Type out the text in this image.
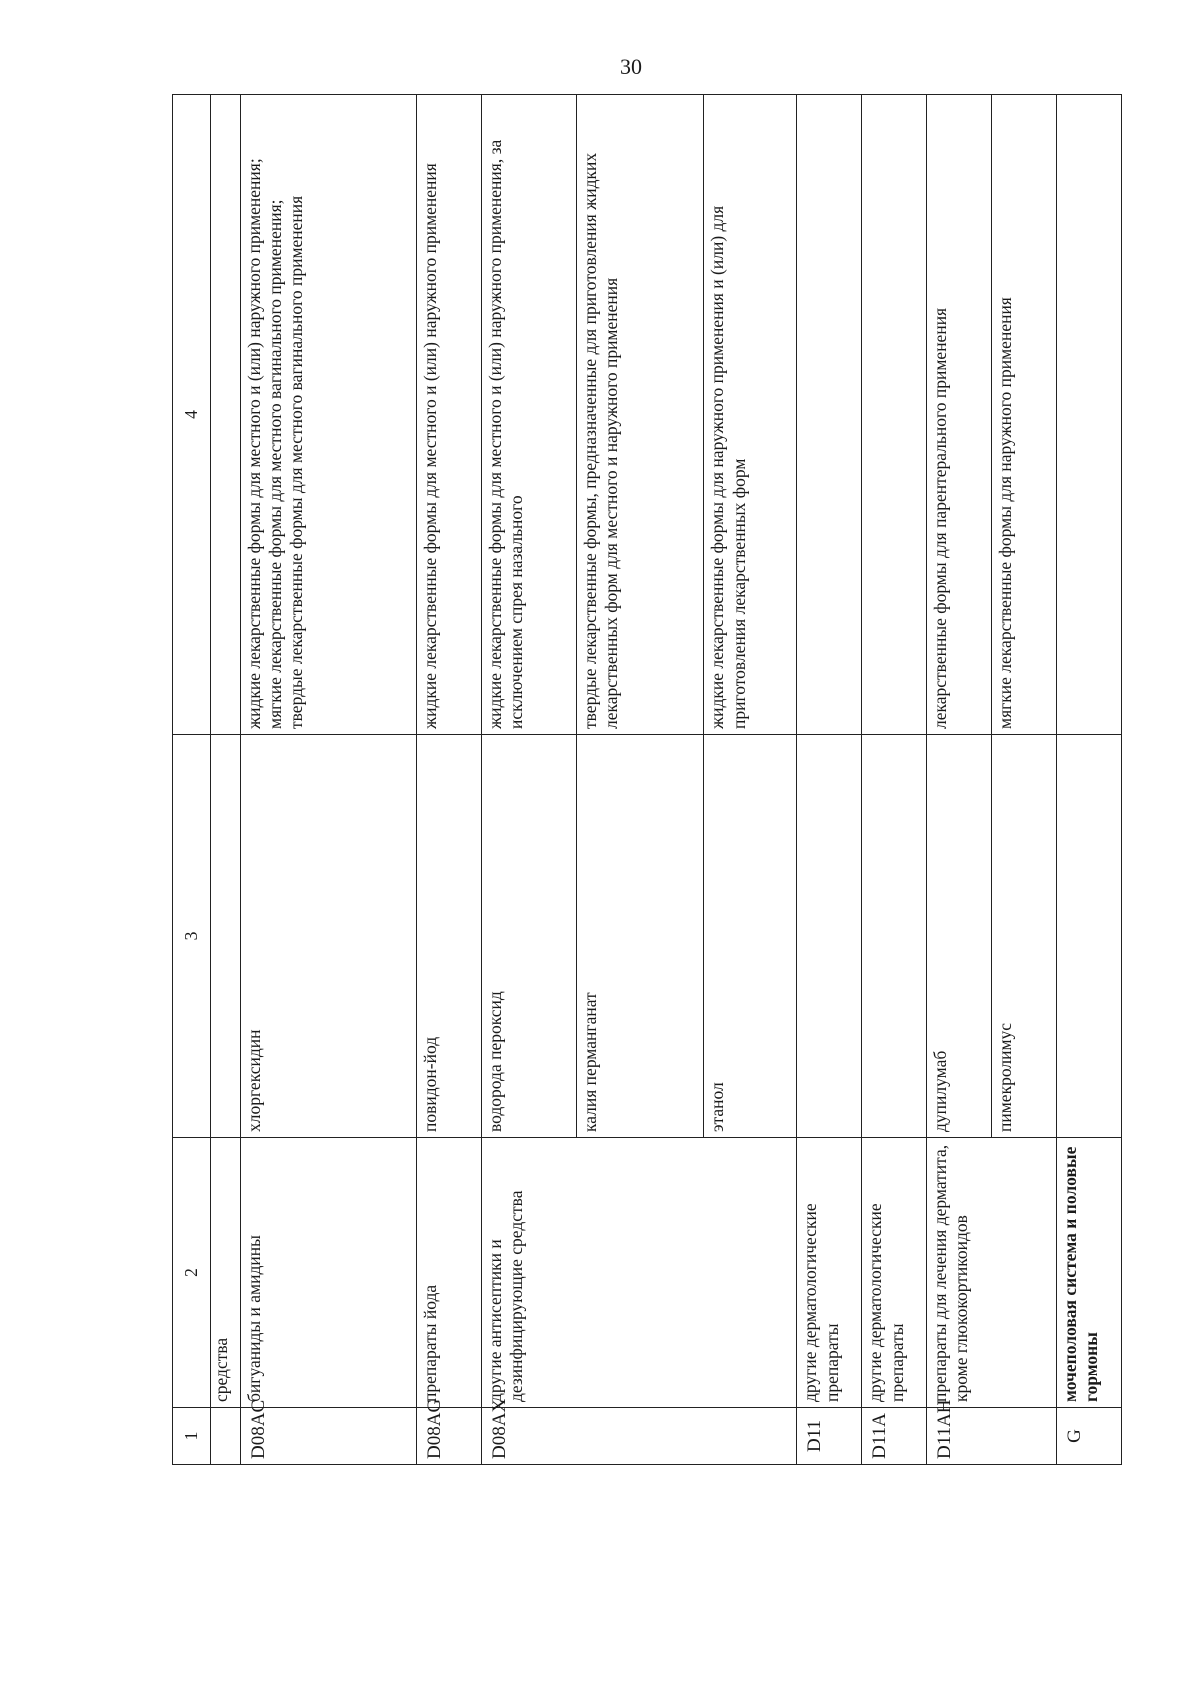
30
1	2	3	4
	средства		
D08AC	бигуаниды и амидины	хлоргексидин	жидкие лекарственные формы для местного и (или) наружного применения; мягкие лекарственные формы для местного вагинального применения; твердые лекарственные формы для местного вагинального применения

D08AG	препараты йода	повидон-йод	жидкие лекарственные формы для местного и (или) наружного применения
D08AX	другие антисептики и дезинфицирующие средства	водорода пероксид	жидкие лекарственные формы для местного и (или) наружного применения, за исключением спрея назального
		калия перманганат	твердые лекарственные формы, предназначенные для приготовления жидких лекарственных форм для местного и наружного применения
		этанол	жидкие лекарственные формы для наружного применения и (или) для приготовления лекарственных форм
D11	другие дерматологические препараты		
D11A	другие дерматологические препараты		
D11AH	препараты для лечения дерматита, кроме глюкокортикоидов	дупилумаб	лекарственные формы для парентерального применения
		пимекролимус	мягкие лекарственные формы для наружного применения
G	мочеполовая система и половые гормоны		
